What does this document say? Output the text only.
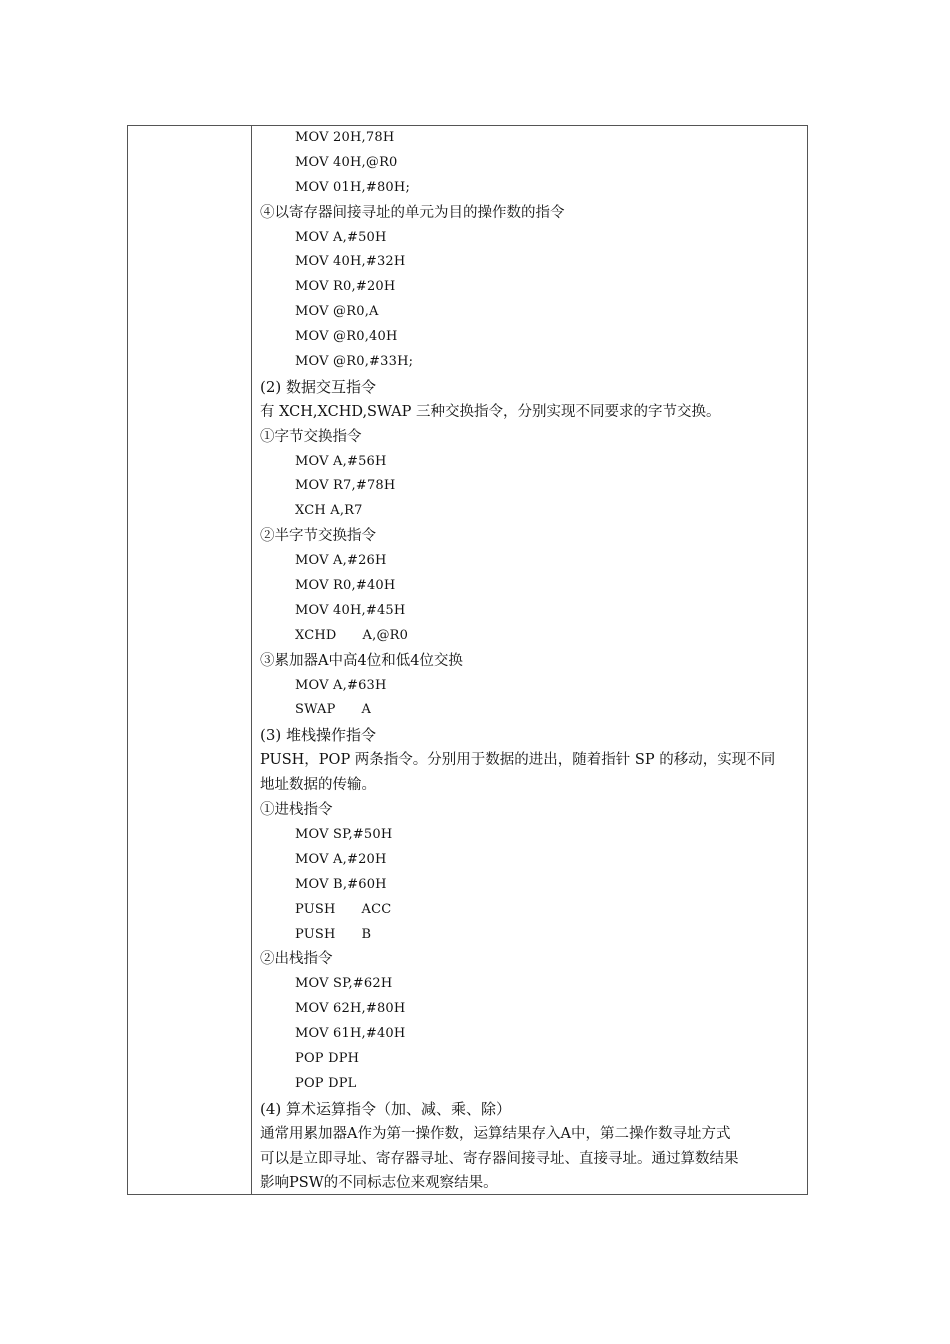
MOV 20H,78H
MOV 40H,@R0
MOV 01H,#80H;
④以寄存器间接寻址的单元为目的操作数的指令
MOV A,#50H
MOV 40H,#32H
MOV R0,#20H
MOV @R0,A
MOV @R0,40H
MOV @R0,#33H;
(2) 数据交互指令
有 XCH,XCHD,SWAP 三种交换指令，分别实现不同要求的字节交换。
①字节交换指令
MOV A,#56H
MOV R7,#78H
XCH A,R7
②半字节交换指令
MOV A,#26H
MOV R0,#40H
MOV 40H,#45H
XCHD      A,@R0
③累加器A中高4位和低4位交换
MOV A,#63H
SWAP      A
(3) 堆栈操作指令
PUSH，POP 两条指令。分别用于数据的进出，随着指针 SP 的移动，实现不同
地址数据的传输。
①进栈指令
MOV SP,#50H
MOV A,#20H
MOV B,#60H
PUSH      ACC
PUSH      B
②出栈指令
MOV SP,#62H
MOV 62H,#80H
MOV 61H,#40H
POP DPH
POP DPL
(4) 算术运算指令（加、减、乘、除）
通常用累加器A作为第一操作数，运算结果存入A中，第二操作数寻址方式
可以是立即寻址、寄存器寻址、寄存器间接寻址、直接寻址。通过算数结果
影响PSW的不同标志位来观察结果。
